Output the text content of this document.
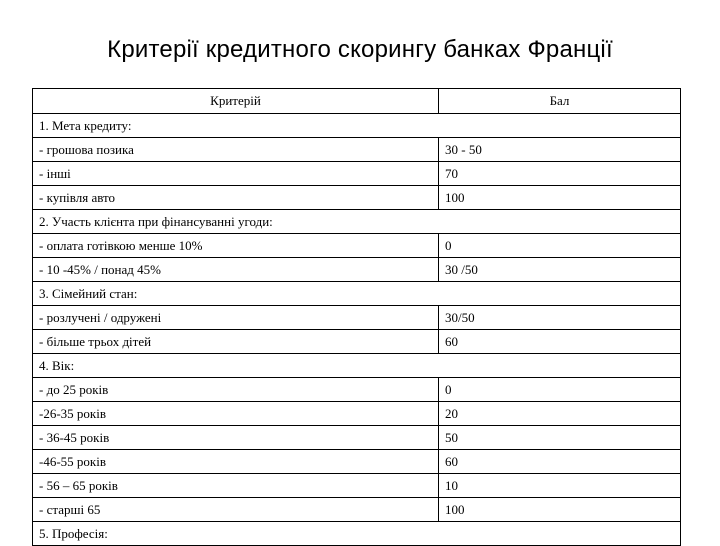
Критерії кредитного скорингу банках Франції
Критерій	Бал
1. Мета кредиту:	
- грошова позика	30 - 50
- інші	70
- купівля авто	100
2. Участь клієнта при фінансуванні угоди:	
- оплата готівкою менше 10%	0
- 10 -45% / понад 45%	30 /50
3. Сімейний стан:	
- розлучені / одружені	30/50
- більше трьох дітей	60
4. Вік:	
- до 25 років	0
-26-35 років	20
- 36-45 років	50
-46-55 років	60
- 56 – 65 років	10
- старші 65	100
5. Професія:	
